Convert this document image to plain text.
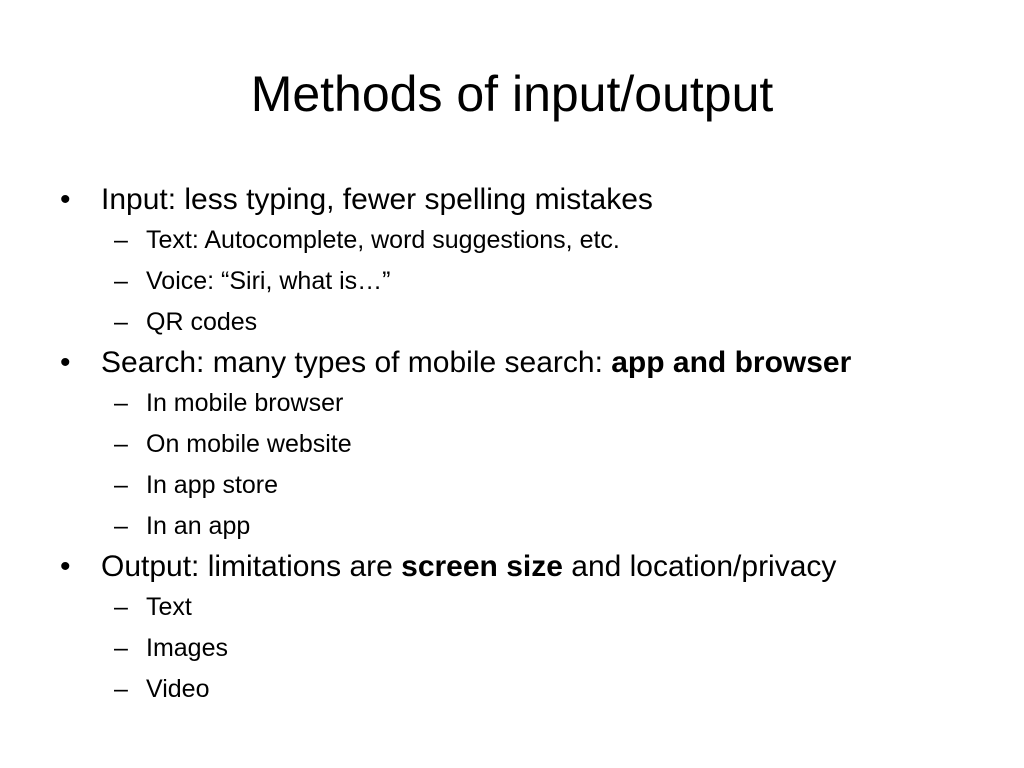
Methods of input/output
• Input: less typing, fewer spelling mistakes
– Text: Autocomplete, word suggestions, etc.
– Voice: “Siri, what is…”
– QR codes
• Search: many types of mobile search: app and browser
– In mobile browser
– On mobile website
– In app store
– In an app
• Output: limitations are screen size and location/privacy
– Text
– Images
– Video
